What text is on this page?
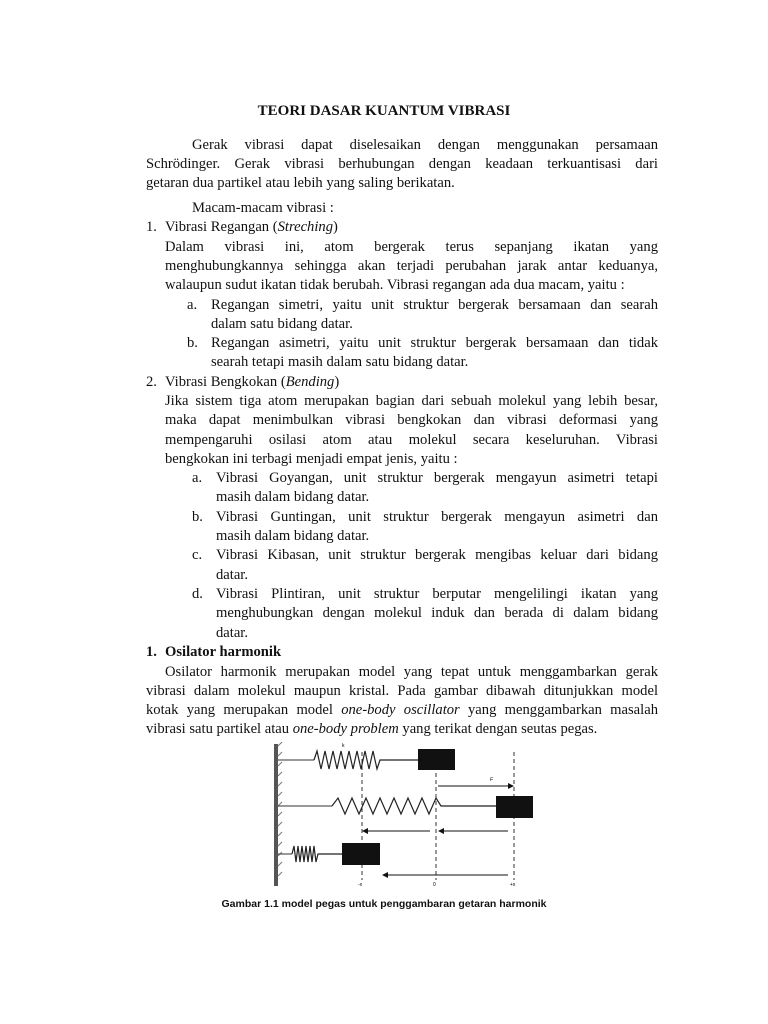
TEORI DASAR KUANTUM VIBRASI
Gerak vibrasi dapat diselesaikan dengan menggunakan persamaan
Schrödinger. Gerak vibrasi berhubungan dengan keadaan terkuantisasi dari
getaran dua partikel atau lebih yang saling berikatan.
Macam-macam vibrasi :
1. Vibrasi Regangan (Streching)
Dalam vibrasi ini, atom bergerak terus sepanjang ikatan yang
menghubungkannya sehingga akan terjadi perubahan jarak antar keduanya,
walaupun sudut ikatan tidak berubah. Vibrasi regangan ada dua macam, yaitu :
a. Regangan simetri, yaitu unit struktur bergerak bersamaan dan searah
dalam satu bidang datar.
b. Regangan asimetri, yaitu unit struktur bergerak bersamaan dan tidak
searah tetapi masih dalam satu bidang datar.
2. Vibrasi Bengkokan (Bending)
Jika sistem tiga atom merupakan bagian dari sebuah molekul yang lebih besar,
maka dapat menimbulkan vibrasi bengkokan dan vibrasi deformasi yang
mempengaruhi osilasi atom atau molekul secara keseluruhan. Vibrasi
bengkokan ini terbagi menjadi empat jenis, yaitu :
a. Vibrasi Goyangan, unit struktur bergerak mengayun asimetri tetapi
masih dalam bidang datar.
b. Vibrasi Guntingan, unit struktur bergerak mengayun asimetri dan
masih dalam bidang datar.
c. Vibrasi Kibasan, unit struktur bergerak mengibas keluar dari bidang
datar.
d. Vibrasi Plintiran, unit struktur berputar mengelilingi ikatan yang
menghubungkan dengan molekul induk dan berada di dalam bidang
datar.
1. Osilator harmonik
Osilator harmonik merupakan model yang tepat untuk menggambarkan gerak
vibrasi dalam molekul maupun kristal. Pada gambar dibawah ditunjukkan model
kotak yang merupakan model one-body oscillator yang menggambarkan masalah
vibrasi satu partikel atau one-body problem yang terikat dengan seutas pegas.
k
F
-x	0	+x
Gambar 1.1 model pegas untuk penggambaran getaran harmonik
